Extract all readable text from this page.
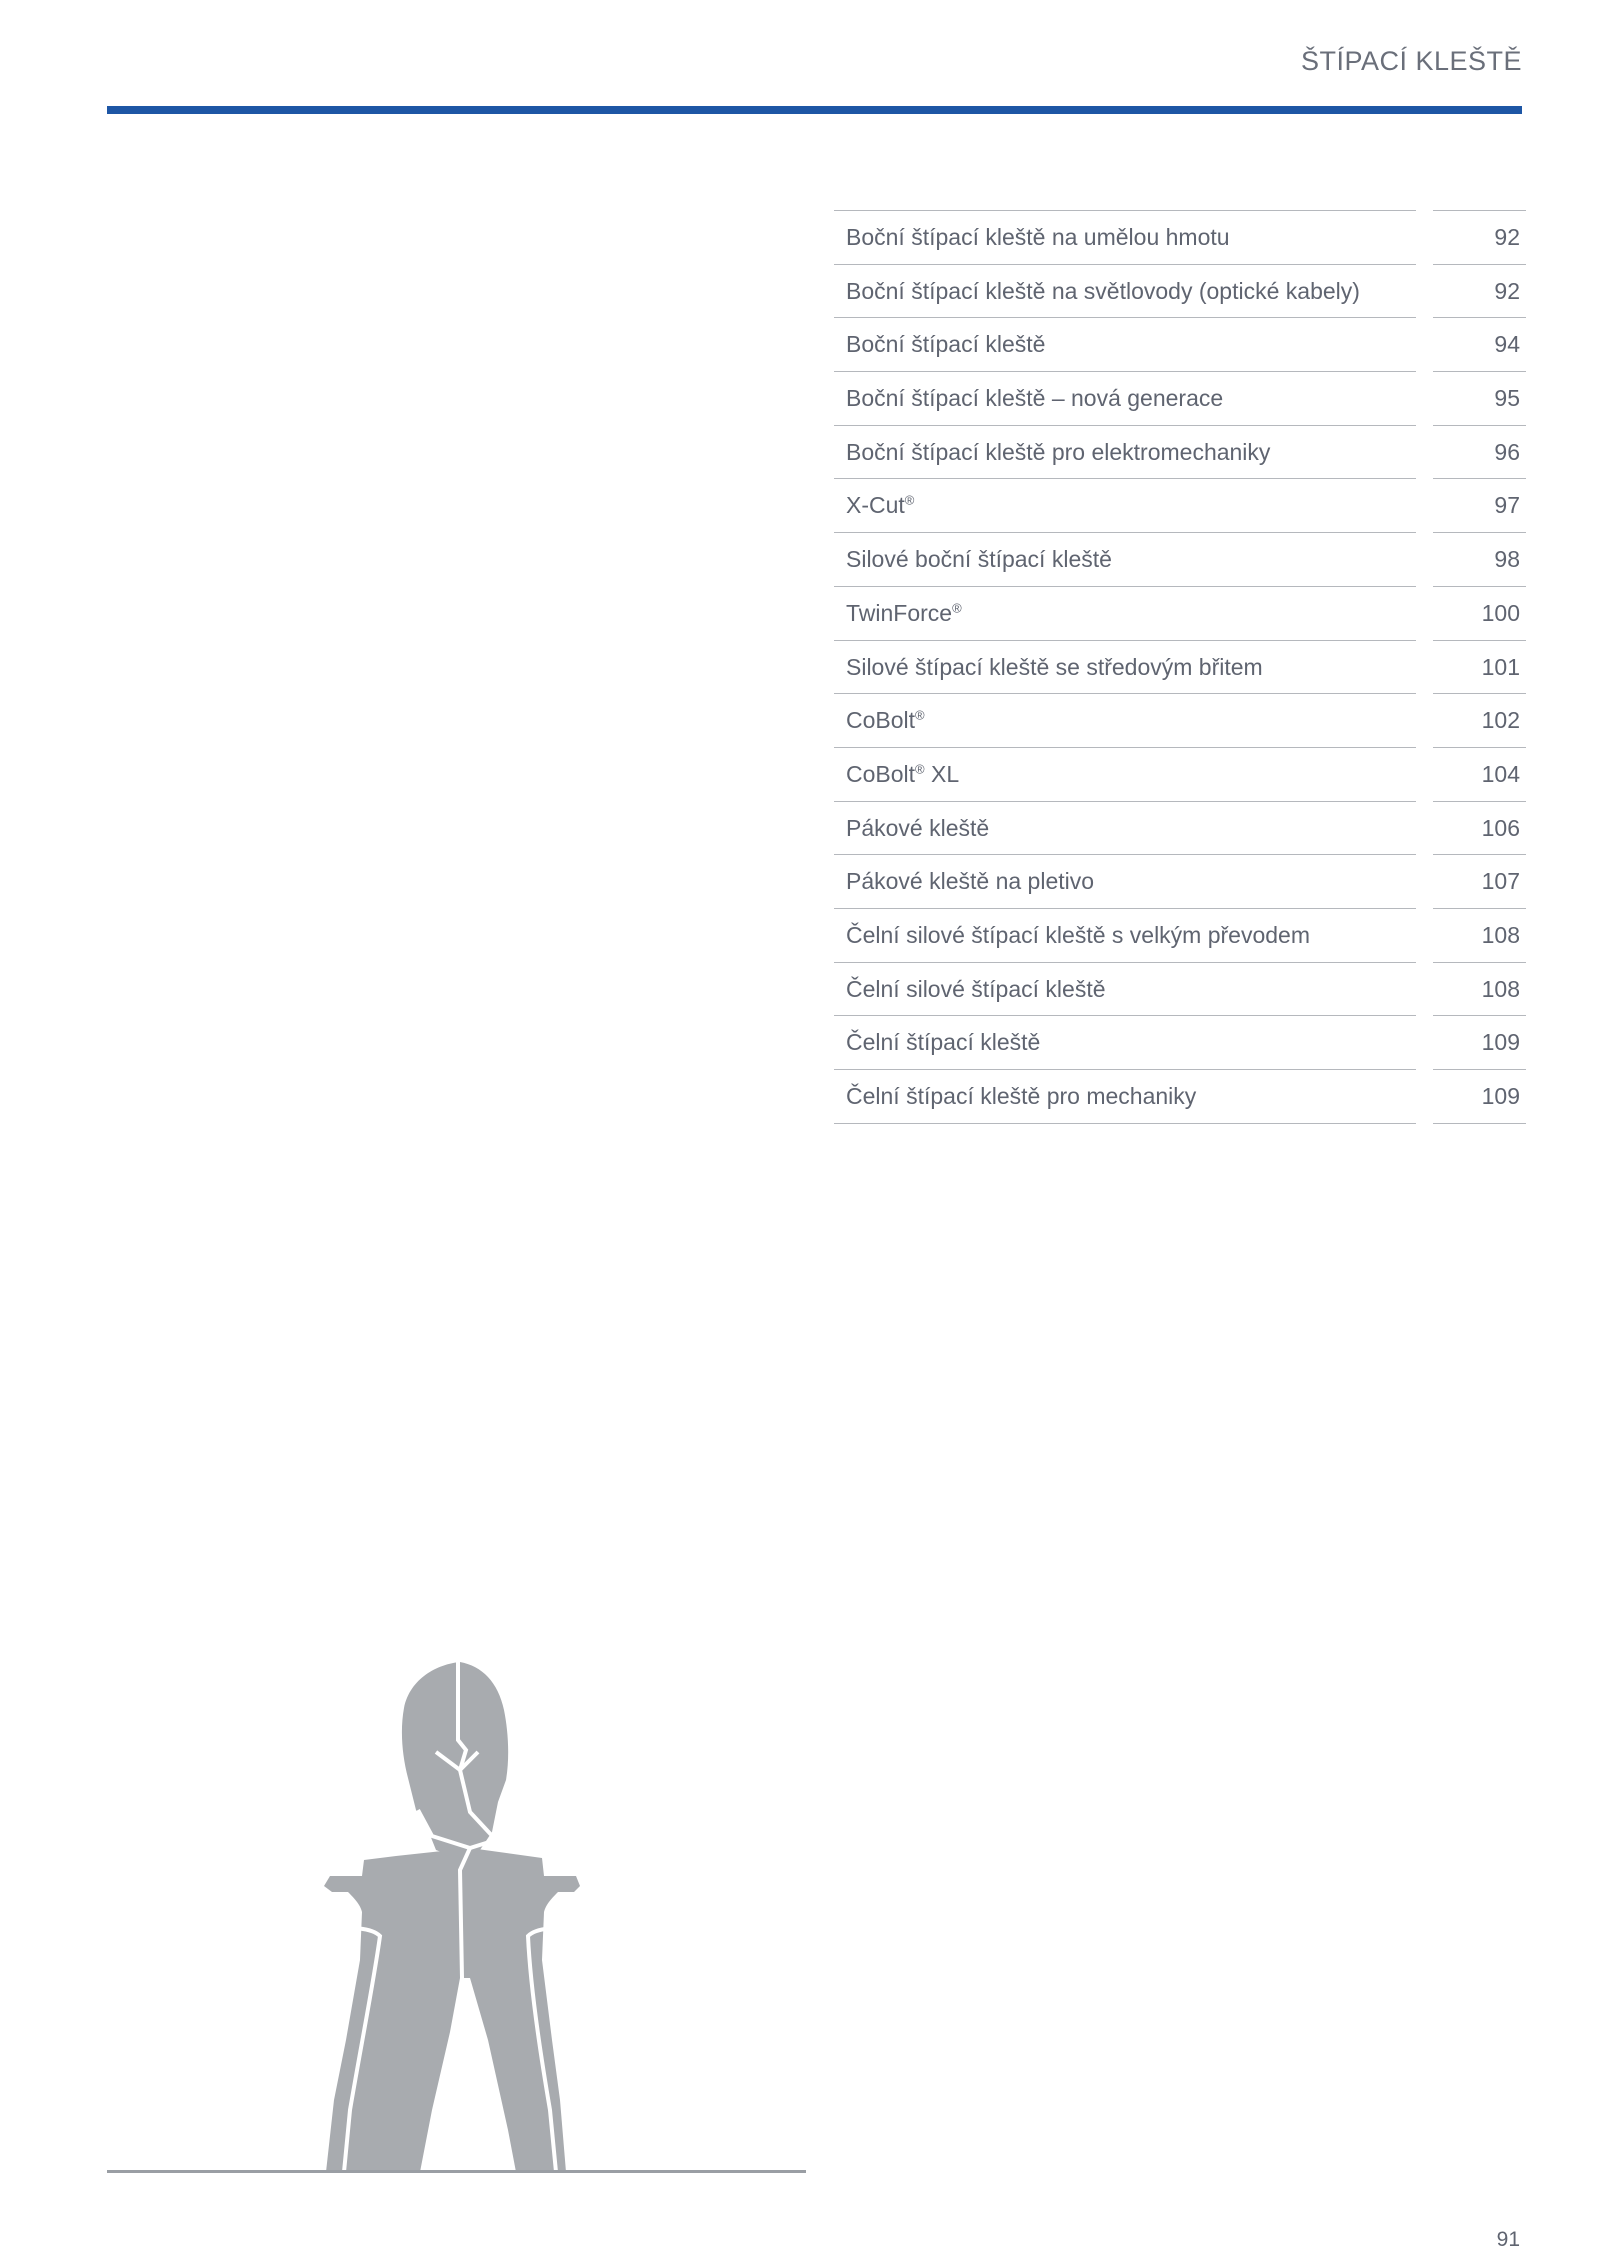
ŠTÍPACÍ KLEŠTĚ
Boční štípací kleště na umělou hmotu	92
Boční štípací kleště na světlovody (optické kabely)	92
Boční štípací kleště	94
Boční štípací kleště – nová generace	95
Boční štípací kleště pro elektromechaniky	96
X-Cut®	97
Silové boční štípací kleště	98
TwinForce®	100
Silové štípací kleště se středovým břitem	101
CoBolt®	102
CoBolt® XL	104
Pákové kleště	106
Pákové kleště na pletivo	107
Čelní silové štípací kleště s velkým převodem	108
Čelní silové štípací kleště	108
Čelní štípací kleště	109
Čelní štípací kleště pro mechaniky	109
91
